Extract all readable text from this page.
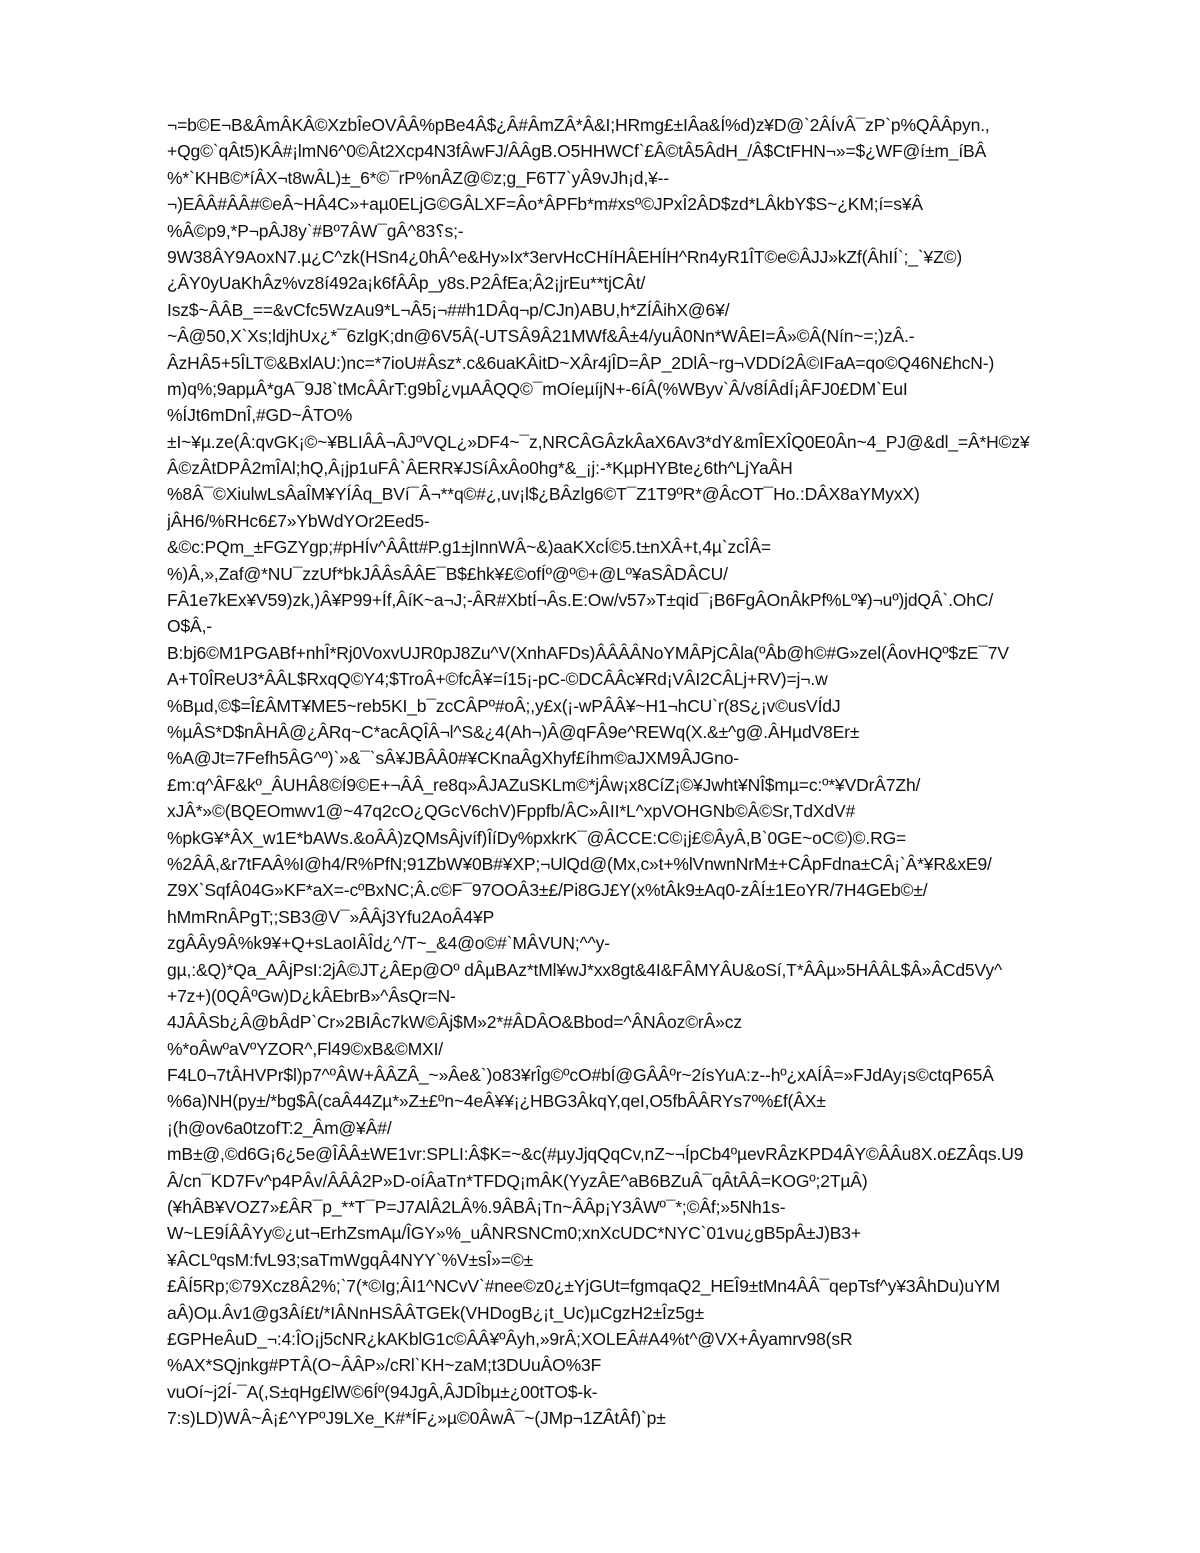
¬=b©E¬B&ÂmÂKÂ©XzbÎeOVÂÂ%pBe4Â$¿Â#ÂmZÂ*Â&I;HRmg£±IÂa&Í%d)z¥D@`2ÂÍvÂ¯zP`p%QÂÂpyn.,
+Qg©`qÂt5)KÂ#¡lmN6^0©Ât2Xcp4N3fÂwFJ/ÂÂgB.O5HHWCf`£Â©tÂ5ÂdH_/Â$CtFHN¬»=$¿WF@í±m_íBÂ
%*`KHB©*íÂX¬t8wÂL)±_6*©¯rP%nÂZ@©z;g_F6T7`yÂ9vJh¡d,¥--
¬)EÂÂ#ÂÂ#©eÂ~HÂ4C»+aµ0ELjG©GÂLXF=Âo*ÂPFb*m#xsº©JPxÎ2ÂD$zd*LÂkbY$S~¿KM;í=s¥Â
%Â©p9,*P¬pÂJ8y`#Bº7ÂW¯gÂ^8؟3s;-
9W38ÂY9AoxN7.µ¿C^zk(HSn4¿0hÂ^e&Hy»Ix*3ervHcCHíHÂEHÍH^Rn4yR1ÎT©e©ÂJJ»kZf(ÂhIÍ`;_`¥Z©)
¿ÂY0yUaKhÂz%vz8í492a¡k6fÂÂp_y8s.P2ÂfEa;Â2¡jrEu**tjCÂt/
Isz$~ÂÂB_==&vCfc5WzAu9*L¬Â5¡¬##h1DÂq¬p/CJn)ABU,h*ZÍÂihX@6¥/
~Â@50,X`Xs;ldjhUx¿*¯6zlgK;dn@6V5Â(-UTSÂ9Â21MWf&Â±4/yuÂ0Nn*WÂEI=Â»©Â(Nín~=;)zÂ.-
ÂzHÂ5+5ÎLT©&BxlAU:)nc=*7ioU#Âsz*.c&6uaKÂitD~XÂr4jÎD=ÂP_2DlÂ~rg¬VDDí2Â©IFaA=qo©Q46N£hcN-)
m)q%;9apµÂ*gA¯9J8`tMcÂÂrT:g9bÎ¿vµAÂQQ©¯mOíeµíjN+-6íÂ(%WByv`Â/v8ÍÂdÍ¡ÂFJ0£DM`EuI
%ÍJt6mDnÎ,#GD~ÂTO%
±I~¥µ.ze(Â:qvGK¡©~¥BLIÂÂ¬ÂJºVQL¿»DF4~¯z,NRCÂGÂzkÂaX6Av3*dY&mÎEXÎQ0E0Ân~4_PJ@&dl_=Â*H©z¥
Â©zÂtDPÂ2mÎAl;hQ,Â¡jp1uFÂ`ÂERR¥JSíÂxÂo0hg*&_¡j:-*KµpHYBte¿6th^LjYaÂH
%8Â¯©XiulwLsÂaÎM¥YÍÂq_BVí¯Â¬**q©#¿,uv¡l$¿BÂzlg6©T¯Z1T9ºR*@ÂcOT¯Ho.:DÂX8aYMyxX)
jÂH6/%RHc6£7»YbWdYOr2Eed5-
&©c:PQm_±FGZYgp;#pHÍv^ÂÂtt#P.g1±jInnWÂ~&)aaKXcÍ©5.t±nXÂ+t,4µ`zcÎÂ=
%)Â,»,Zaf@*NU¯zzUf*bkJÂÂsÂÂE¯B$£hk¥£©ofÍº@º©+@Lº¥aSÂDÂCU/
FÂ1e7kEx¥V59)zk,)Â¥P99+Íf,ÂíK~a¬J;-ÂR#XbtÍ¬Âs.E:Ow/v57»T±qid¯¡B6FgÂOnÂkPf%Lº¥)¬uº)jdQÂ`.OhC/
O$Â,-
B:bj6©M1PGABf+nhÎ*Rj0VoxvUJR0pJ8Zu^V(XnhAFDs)ÂÂÂÂNoYMÂPjCÂla(ºÂb@h©#G»zel(ÂovHQº$zE¯7V
A+T0ÎReU3*ÂÂL$RxqQ©Y4;$TroÂ+©fcÂ¥=í15¡-pC-©DCÂÂc¥Rd¡VÂI2CÂLj+RV)=j¬.w
%Bµd,©$=Î£ÂMT¥ME5~reb5KI_b¯zcCÂPº#oÂ;,y£x(¡-wPÂÂ¥~H1¬hCU`r(8S¿¡v©usVÍdJ
%µÂS*D$nÂHÂ@¿ÂRq~C*acÂQÎÂ¬l^S&¿4(Ah¬)Â@qFÂ9e^REWq(X.&±^g@.ÂHµdV8Er±
%A@Jt=7Fefh5ÂG^º)`»&¯`sÂ¥JBÂÂ0#¥CKnaÂgXhyf£íhm©aJXM9ÂJGno-
£m:q^ÂF&kº_ÂUHÂ8©Í9©E+¬ÂÂ_re8q»ÂJAZuSKLm©*jÂw¡x8CíZ¡©¥Jwht¥NÎ$mµ=c:º*¥VDrÂ7Zh/
xJÂ*»©(BQEOmwv1@~47q2cO¿QGcV6chV)Fppfb/ÂC»ÂII*L^xpVOHGNb©Â©Sr,TdXdV#
%pkG¥*ÂX_w1E*bAWs.&oÂÂ)zQMsÂjvíf)ÎíDy%pxkrK¯@ÂCCE:C©¡j£©ÂyÂ,B`0GE~oC©)©.RG=
%2ÂÂ,&r7tFAÂ%I@h4/R%PfN;91ZbW¥0B#¥XP;¬UlQd@(Mx,c»t+%lVnwnNrM±+CÂpFdna±CÂ¡`Â*¥R&xE9/
Z9X`SqfÂ04G»KF*aX=-cºBxNC;Â.c©F¯97OOÂ3±£/Pi8GJ£Y(x%tÂk9±Aq0-zÂÍ±1EoYR/7H4GEb©±/
hMmRnÂPgT;;SB3@V¯»ÂÂj3Yfu2AoÂ4¥P
zgÂÂy9Â%k9¥+Q+sLaoIÂÎd¿^/T~_&4@o©#`MÂVUN;^^y-
gµ,:&Q)*Qa_AÂjPsI:2jÂ©JT¿ÂEp@Oº dÂµBAz*tMl¥wJ*xx8gt&4I&FÂMYÂU&oSí,T*ÂÂµ»5HÂÂL$Â»ÂCd5Vy^
+7z+)(0QÂºGw)D¿kÂEbrB»^ÂsQr=N-
4JÂÂSb¿Â@bÂdP`Cr»2BIÂc7kW©Âj$M»2*#ÂDÂO&Bbod=^ÂNÂoz©rÂ»cz
%*oÂwºaVºYZOR^,Fl49©xB&©MXI/
F4L0¬7tÂHVPr$l)p7^ºÂW+ÂÂZÂ_~»Âe&`)o83¥rÎg©ºcO#bÍ@GÂÂºr~2ísYuA:z--hº¿xAÍÂ=»FJdAy¡s©ctqP65Â
%6a)NH(py±/*bg$Â(caÂ44Zµ*»Z±£ºn~4eÂ¥¥¡¿HBG3ÂkqY,qeI,O5fbÂÂRYs7º%£f(ÂX±
¡(h@ov6a0tzofT:2_Âm@¥Â#/
mB±@,©d6G¡6¿5e@ÎÂÂ±WE1vr:SPLI:Â$K=~&c(#µyJjqQqCv,nZ~¬ÍpCb4ºµevRÂzKPD4ÂY©ÂÂu8X.o£ZÂqs.U9
Â/cn¯KD7Fv^p4PÂv/ÂÂÂ2P»D-oíÂaTn*TFDQ¡mÂK(YyzÂE^aB6BZuÂ¯qÂtÂÂ=KOGº;2TµÂ)
(¥hÂB¥VOZ7»£ÂR¯p_**T¯P=J7AlÂ2LÂ%.9ÂBÂ¡Tn~ÂÂp¡Y3ÂWº¯*;©Âf;»5Nh1s-
W~LE9ÍÂÂYy©¿ut¬ErhZsmAµ/ÎGY»%_uÂNRSNCm0;xnXcUDC*NYC`01vu¿gB5pÂ±J)B3+
¥ÂCLºqsM:fvL93;saTmWgqÂ4NYY`%V±sÎ»=©±
£ÂÍ5Rp;©79Xcz8Â2%;`7(*©Ig;ÂI1^NCvV`#nee©z0¿±YjGUt=fgmqaQ2_HEÎ9±tMn4ÂÂ¯qepTsf^y¥3ÂhDu)uYM
aÂ)Oµ.Âv1@g3Âí£t/*IÂNnHSÂÂTGEk(VHDogB¿¡t_Uc)µCgzH2±Îz5g±
£GPHeÂuD_¬:4:ÎO¡j5cNR¿kAKblG1c©ÂÂ¥ºÂyh,»9rÂ;XOLEÂ#A4%t^@VX+Âyamrv98(sR
%AX*SQjnkg#PTÂ(O~ÂÂP»/cRl`KH~zaM;t3DUuÂO%3F
vuOí~j2Í-¯A(,S±qHg£lW©6Íº(94JgÂ,ÂJDÎbµ±¿00tTO$-k-
7:s)LD)WÂ~Â¡£^YPºJ9LXe_K#*ÍF¿»µ©0ÂwÂ¯~(JMp¬1ZÂtÂf)`p±
